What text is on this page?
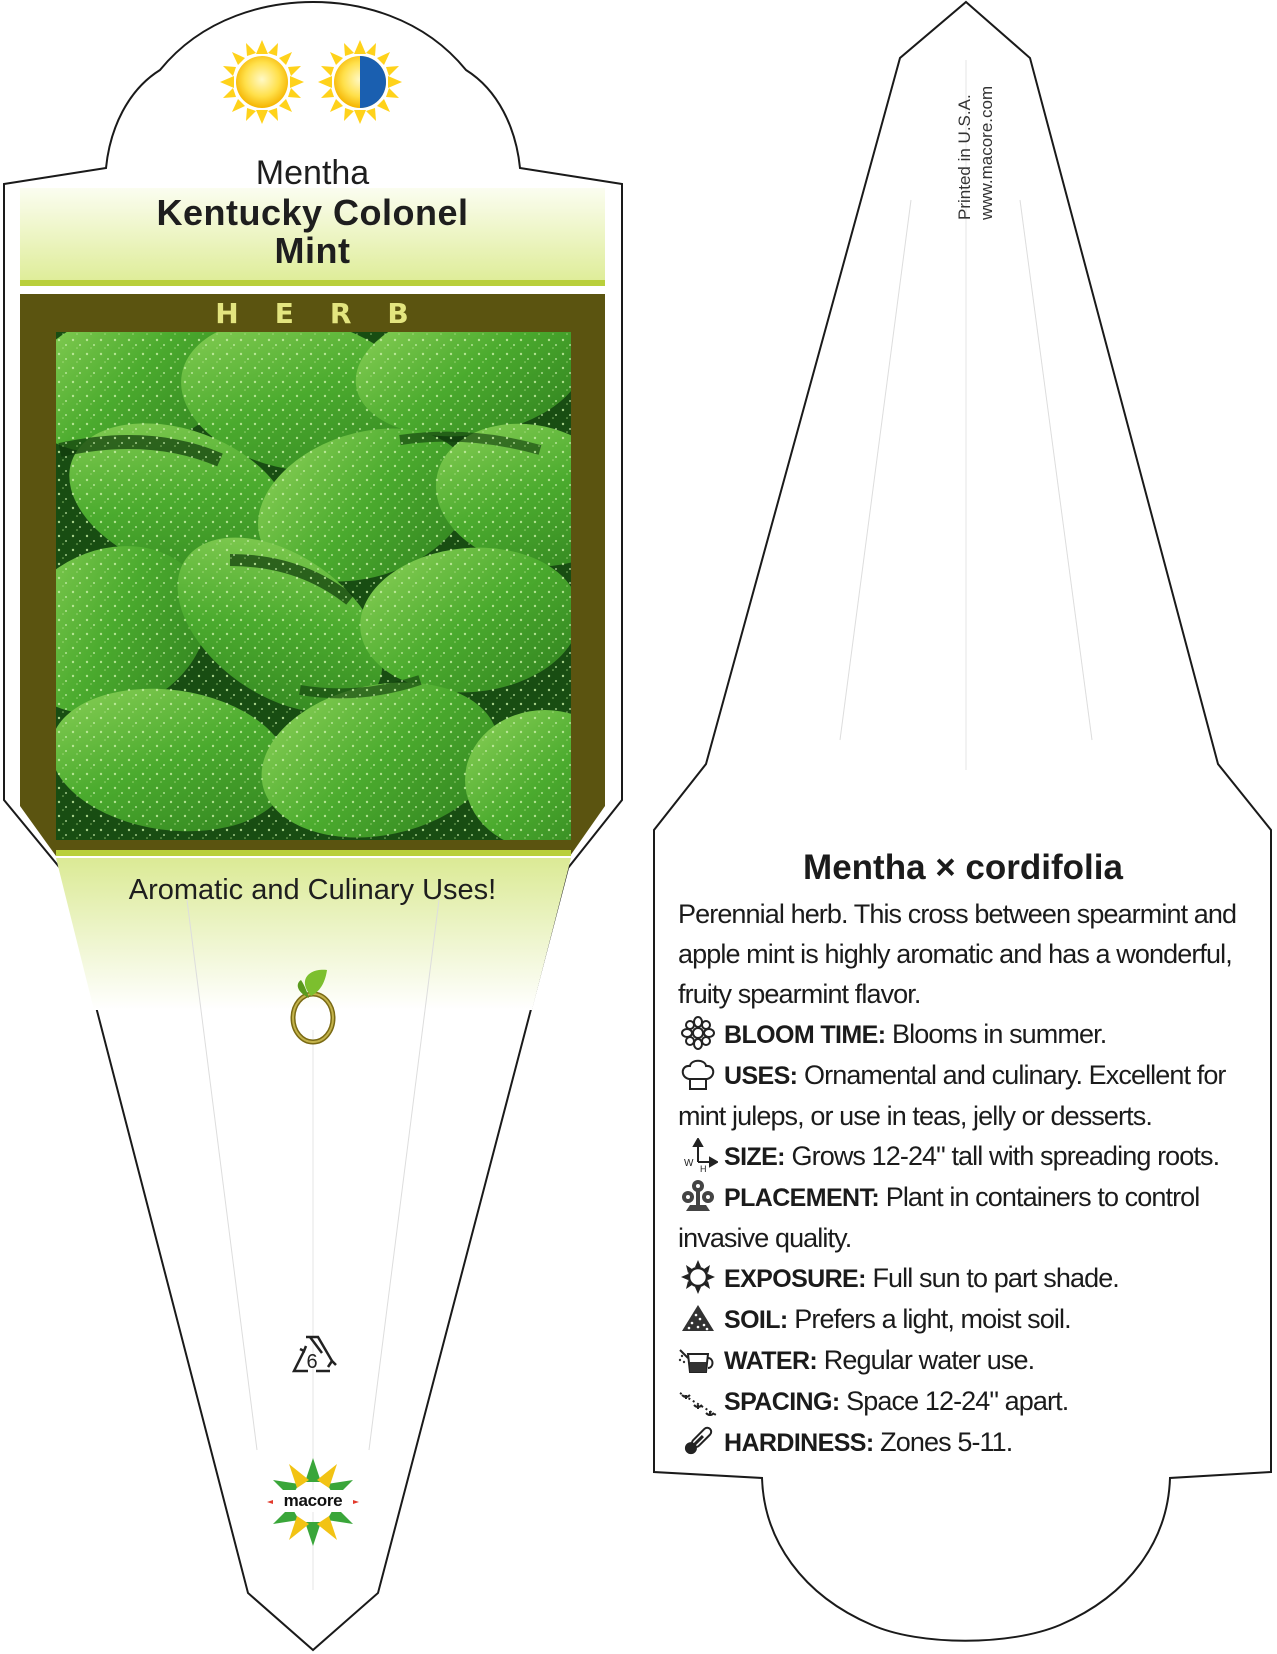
Mentha
Kentucky Colonel
Mint
HERB
Aromatic and Culinary Uses!
6
macore
Printed in U.S.A. www.macore.com
Mentha × cordifolia

Perennial herb. This cross between spearmint and apple mint is highly aromatic and has a wonderful, fruity spearmint flavor.

BLOOM TIME: Blooms in summer.

USES: Ornamental and culinary. Excellent for mint juleps, or use in teas, jelly or desserts.

W H SIZE: Grows 12-24" tall with spreading roots.

PLACEMENT: Plant in containers to control invasive quality.

EXPOSURE: Full sun to part shade.

SOIL: Prefers a light, moist soil.

WATER: Regular water use.

SPACING: Space 12-24" apart.

HARDINESS: Zones 5-11.
